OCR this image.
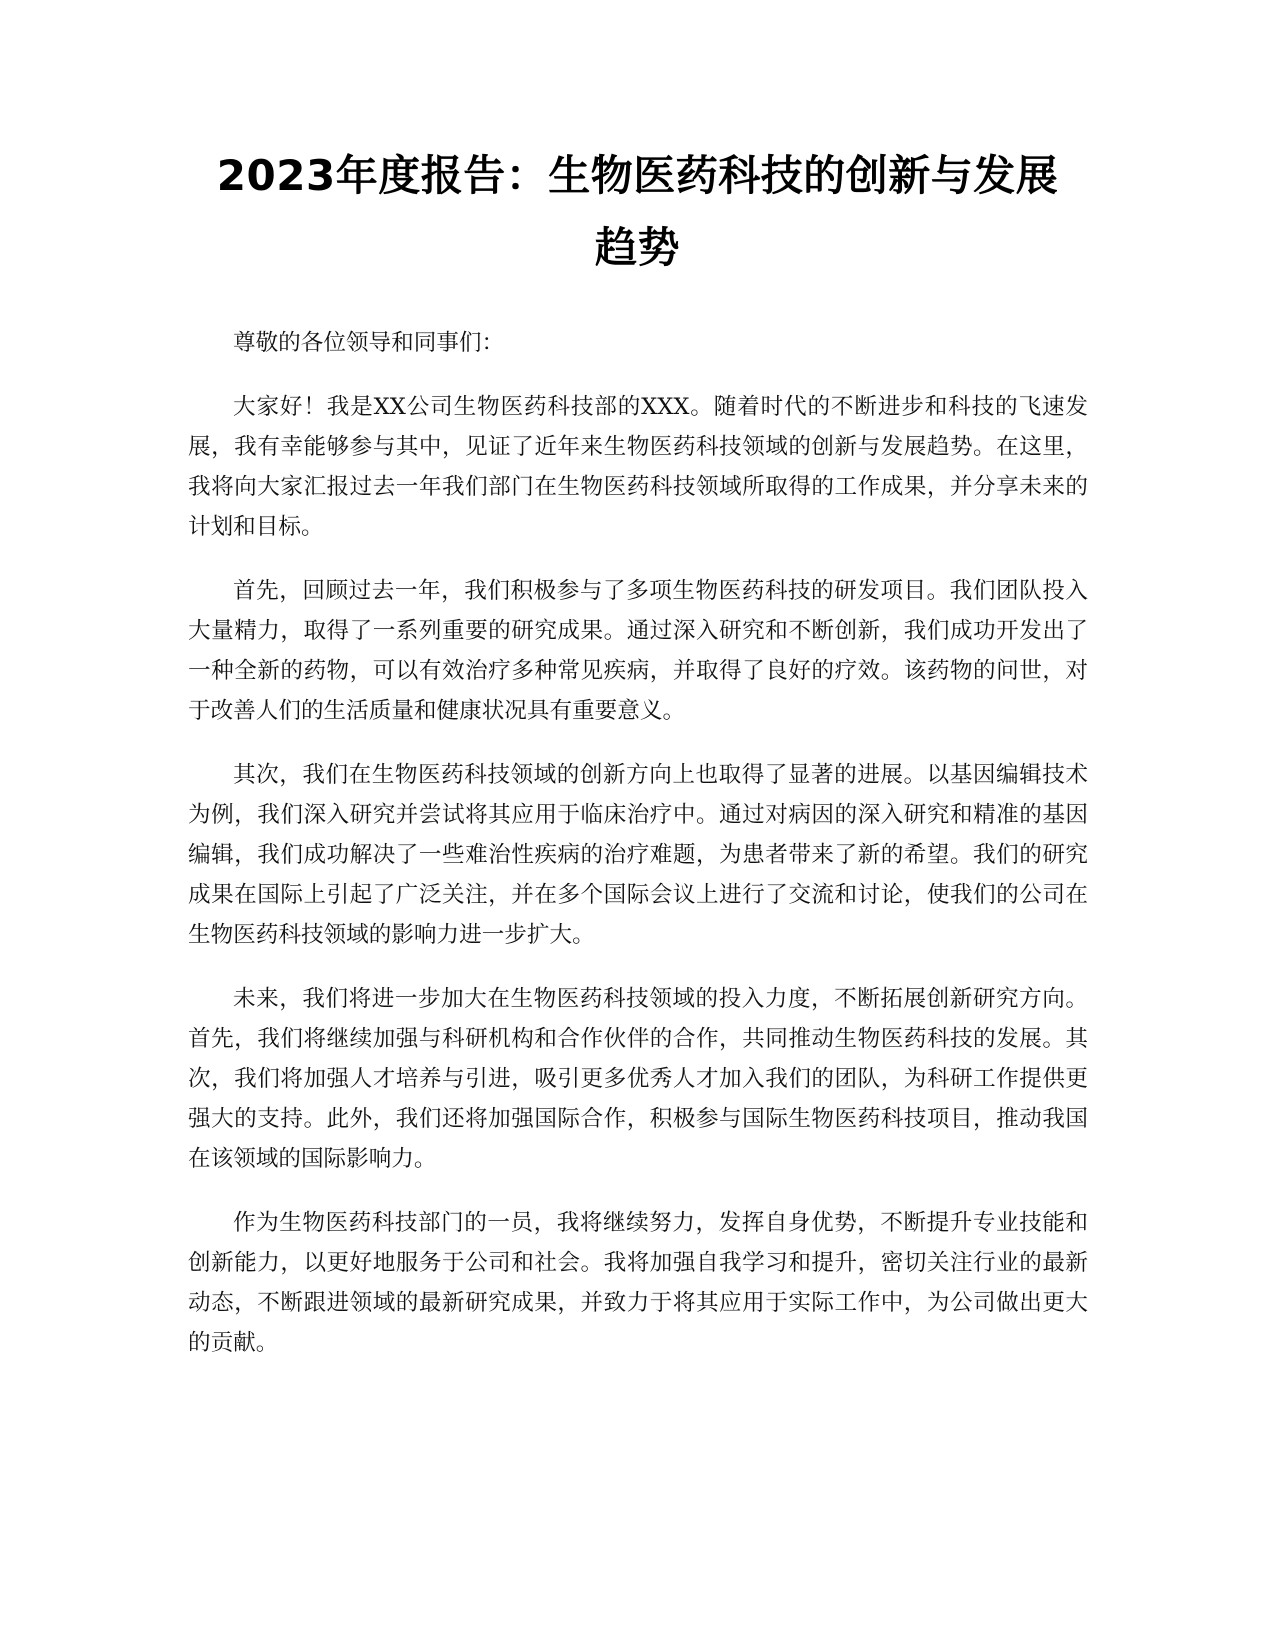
2023年度报告：生物医药科技的创新与发展
趋势

尊敬的各位领导和同事们：

大家好！我是XX公司生物医药科技部的XXX。随着时代的不断进步和科技的飞速发展，我有幸能够参与其中，见证了近年来生物医药科技领域的创新与发展趋势。在这里，我将向大家汇报过去一年我们部门在生物医药科技领域所取得的工作成果，并分享未来的计划和目标。

首先，回顾过去一年，我们积极参与了多项生物医药科技的研发项目。我们团队投入大量精力，取得了一系列重要的研究成果。通过深入研究和不断创新，我们成功开发出了一种全新的药物，可以有效治疗多种常见疾病，并取得了良好的疗效。该药物的问世，对于改善人们的生活质量和健康状况具有重要意义。

其次，我们在生物医药科技领域的创新方向上也取得了显著的进展。以基因编辑技术为例，我们深入研究并尝试将其应用于临床治疗中。通过对病因的深入研究和精准的基因编辑，我们成功解决了一些难治性疾病的治疗难题，为患者带来了新的希望。我们的研究成果在国际上引起了广泛关注，并在多个国际会议上进行了交流和讨论，使我们的公司在生物医药科技领域的影响力进一步扩大。

未来，我们将进一步加大在生物医药科技领域的投入力度，不断拓展创新研究方向。首先，我们将继续加强与科研机构和合作伙伴的合作，共同推动生物医药科技的发展。其次，我们将加强人才培养与引进，吸引更多优秀人才加入我们的团队，为科研工作提供更强大的支持。此外，我们还将加强国际合作，积极参与国际生物医药科技项目，推动我国在该领域的国际影响力。

作为生物医药科技部门的一员，我将继续努力，发挥自身优势，不断提升专业技能和创新能力，以更好地服务于公司和社会。我将加强自我学习和提升，密切关注行业的最新动态，不断跟进领域的最新研究成果，并致力于将其应用于实际工作中，为公司做出更大的贡献。
